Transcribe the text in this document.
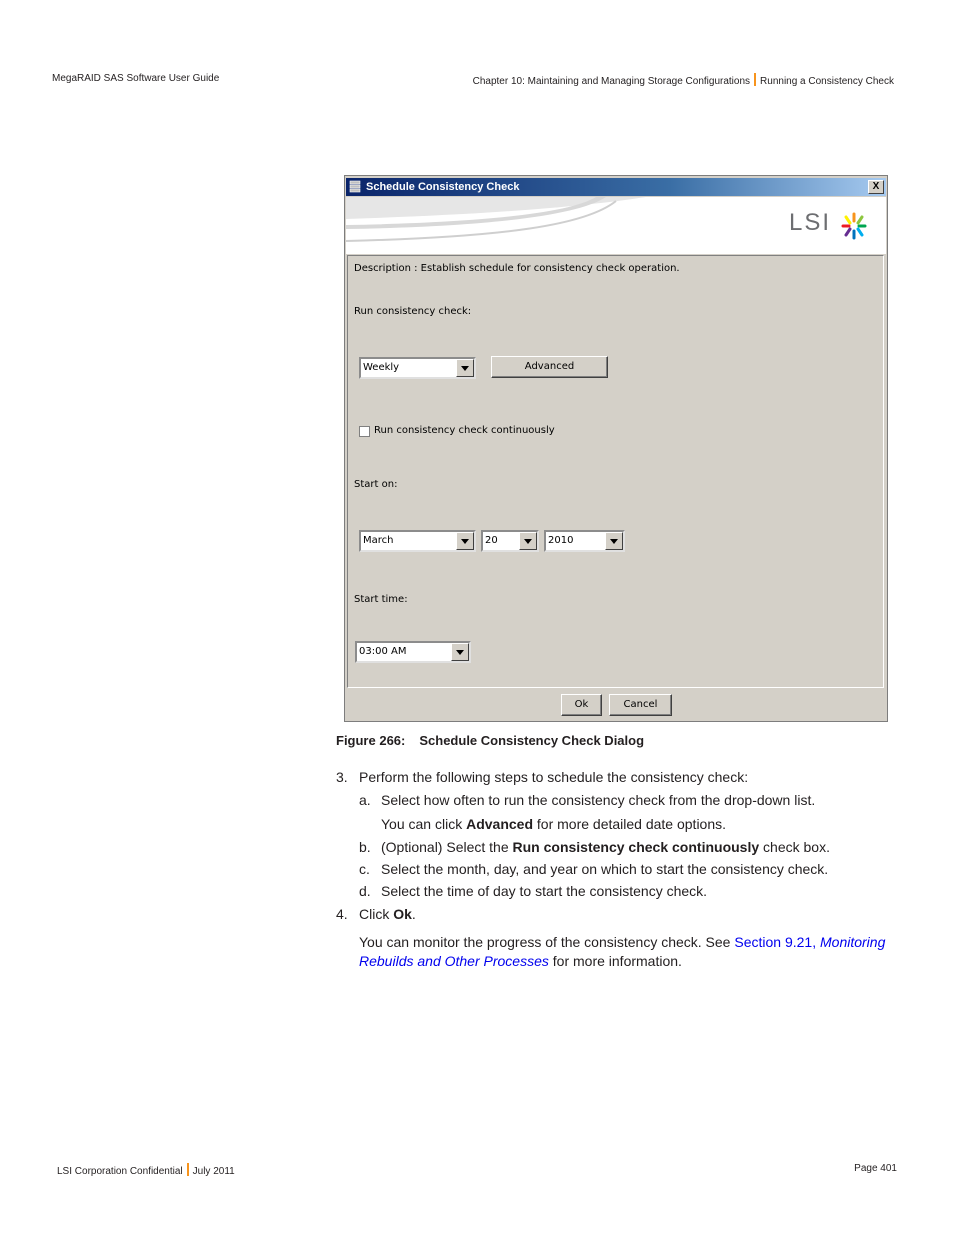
MegaRAID SAS Software User Guide	Chapter 10: Maintaining and Managing Storage Configurations Running a Consistency Check
Schedule Consistency Check	X
LSI
Description : Establish schedule for consistency check operation.
Run consistency check:
Weekly	Advanced
Run consistency check continuously
Start on:
March	20	2010
Start time:
03:00 AM
Ok	Cancel
Figure 266: Schedule Consistency Check Dialog
3. Perform the following steps to schedule the consistency check:
a. Select how often to run the consistency check from the drop-down list.
You can click Advanced for more detailed date options.
b. (Optional) Select the Run consistency check continuously check box.
c. Select the month, day, and year on which to start the consistency check.
d. Select the time of day to start the consistency check.
4. Click Ok.
You can monitor the progress of the consistency check. See Section 9.21, Monitoring
Rebuilds and Other Processes for more information.
LSI Corporation Confidential July 2011	Page 401
